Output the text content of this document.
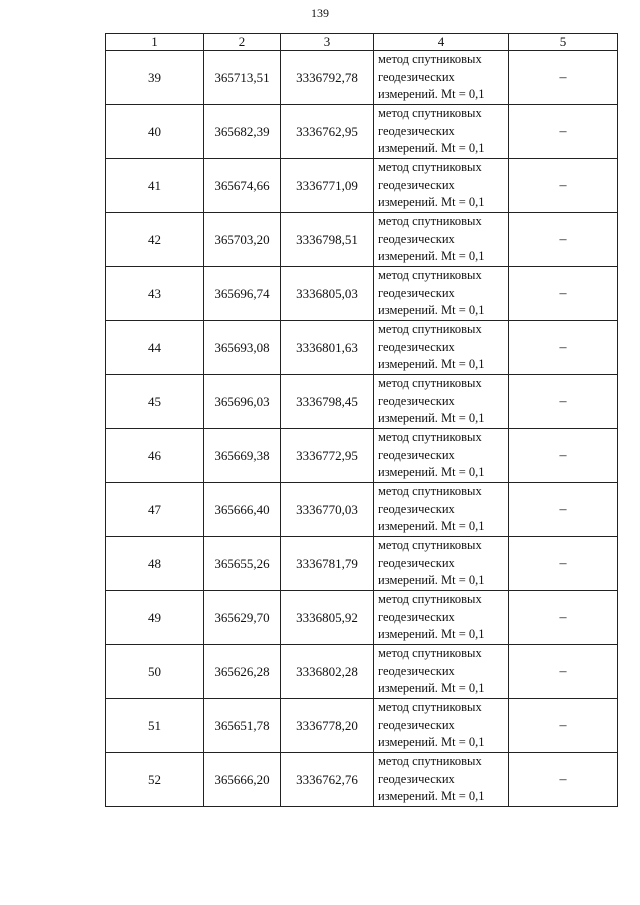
139
1	2	3	4	5
39	365713,51	3336792,78	метод спутниковых
геодезических
измерений. Mt = 0,1	–
40	365682,39	3336762,95	метод спутниковых
геодезических
измерений. Mt = 0,1	–
41	365674,66	3336771,09	метод спутниковых
геодезических
измерений. Mt = 0,1	–
42	365703,20	3336798,51	метод спутниковых
геодезических
измерений. Mt = 0,1	–
43	365696,74	3336805,03	метод спутниковых
геодезических
измерений. Mt = 0,1	–
44	365693,08	3336801,63	метод спутниковых
геодезических
измерений. Mt = 0,1	–
45	365696,03	3336798,45	метод спутниковых
геодезических
измерений. Mt = 0,1	–
46	365669,38	3336772,95	метод спутниковых
геодезических
измерений. Mt = 0,1	–
47	365666,40	3336770,03	метод спутниковых
геодезических
измерений. Mt = 0,1	–
48	365655,26	3336781,79	метод спутниковых
геодезических
измерений. Mt = 0,1	–
49	365629,70	3336805,92	метод спутниковых
геодезических
измерений. Mt = 0,1	–
50	365626,28	3336802,28	метод спутниковых
геодезических
измерений. Mt = 0,1	–
51	365651,78	3336778,20	метод спутниковых
геодезических
измерений. Mt = 0,1	–
52	365666,20	3336762,76	метод спутниковых
геодезических
измерений. Mt = 0,1	–
